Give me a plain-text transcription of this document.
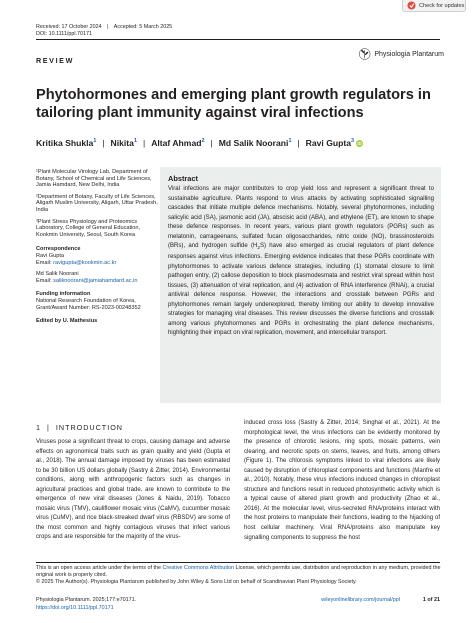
Check for updates
Received: 17 October 2024 | Accepted: 5 March 2025
DOI: 10.1111/ppl.70171
REVIEW
Physiologia Plantarum
Phytohormones and emerging plant growth regulators in tailoring plant immunity against viral infections
Kritika Shukla$^1$ | Nikita$^1$ | Altaf Ahmad$^2$ | Md Salik Noorani$^1$ | Ravi Gupta$^3$ iD

¹Plant Molecular Virology Lab, Department of Botany, School of Chemical and Life Sciences, Jamia Hamdard, New Delhi, India

²Department of Botany, Faculty of Life Sciences, Aligarh Muslim University, Aligarh, Uttar Pradesh, India

³Plant Stress Physiology and Proteomics Laboratory, College of General Education, Kookmin University, Seoul, South Korea

Correspondence

Ravi Gupta

Email: ravigupta@kookmin.ac.kr

Md Salik Noorani

Email: saliknoorani@jamiahamdard.ac.in

Funding information

National Research Foundation of Korea, Grant/Award Number: RS-2023-00248352

Edited by U. Mathesius

Abstract

Viral infections are major contributors to crop yield loss and represent a significant threat to sustainable agriculture. Plants respond to virus attacks by activating sophisticated signalling cascades that initiate multiple defence mechanisms. Notably, several phytohormones, including salicylic acid (SA), jasmonic acid (JA), abscisic acid (ABA), and ethylene (ET), are known to shape these defence responses. In recent years, various plant growth regulators (PGRs) such as melatonin, carrageenans, sulfated fucan oligosaccharides, nitric oxide (NO), brassinosteroids (BRs), and hydrogen sulfide $(H_2S)$ have also emerged as crucial regulators of plant defence responses against virus infections. Emerging evidence indicates that these PGRs coordinate with phytohormones to activate various defence strategies, including (1) stomatal closure to limit pathogen entry, (2) callose deposition to block plasmodesmata and restrict viral spread within host tissues, (3) attenuation of viral replication, and (4) activation of RNA interference (RNAi), a crucial antiviral defence response. However, the interactions and crosstalk between PGRs and phytohormones remain largely underexplored, thereby limiting our ability to develop innovative strategies for managing viral diseases. This review discusses the diverse functions and crosstalk among various phytohormones and PGRs in orchestrating the plant defence mechanisms, highlighting their impact on viral replication, movement, and intercellular transport.

1 | INTRODUCTION
Viruses pose a significant threat to crops, causing damage and adverse effects on agronomical traits such as grain quality and yield (Gupta et al., 2018). The annual damage imposed by viruses has been estimated to be 30 billion US dollars globally (Sastry & Zitter, 2014). Environmental conditions, along with anthropogenic factors such as changes in agricultural practices and global trade, are known to contribute to the emergence of new viral diseases (Jones & Naidu, 2019). Tobacco mosaic virus (TMV), cauliflower mosaic virus (CaMV), cucumber mosaic virus (CuMV), and rice black-streaked dwarf virus (RBSDV) are some of the most common and highly contagious viruses that infect various crops and are responsible for the majority of the virus-
induced cross loss (Sastry & Zitter, 2014; Singhal et al., 2021). At the morphological level, the virus infections can be evidently monitored by the presence of chlorotic lesions, ring spots, mosaic patterns, vein clearing, and necrotic spots on stems, leaves, and fruits, among others (Figure 1). The chlorosis symptoms linked to viral infections are likely caused by disruption of chloroplast components and functions (Manfre et al., 2010). Notably, these virus infections induced changes in chloroplast structure and functions result in reduced photosynthetic activity which is a typical cause of altered plant growth and productivity (Zhao et al., 2016). At the molecular level, virus-secreted RNA/proteins interact with the host proteins to manipulate their functions, leading to the hijacking of host cellular machinery. Viral RNA/proteins also manipulate key signalling components to suppress the host
This is an open access article under the terms of the Creative Commons Attribution License, which permits use, distribution and reproduction in any medium, provided the original work is properly cited.
© 2025 The Author(s). Physiologia Plantarum published by John Wiley & Sons Ltd on behalf of Scandinavian Plant Physiology Society.
Physiologia Plantarum. 2025;177:e70171.
https://doi.org/10.1111/ppl.70171
wileyonlinelibrary.com/journal/ppl	1 of 21
